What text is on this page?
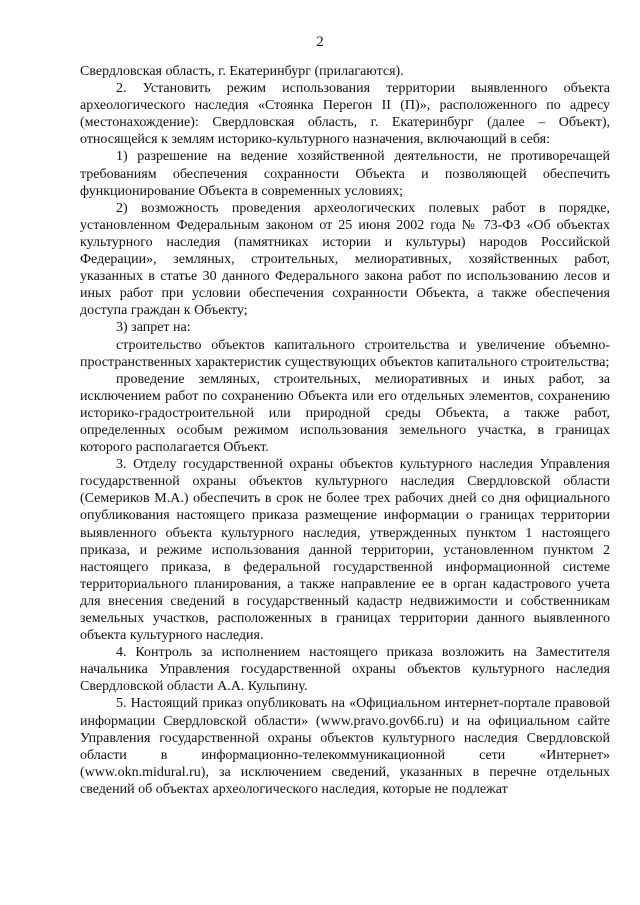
2

Свердловская область, г. Екатеринбург (прилагаются).

2. Установить режим использования территории выявленного объекта археологического наследия «Стоянка Перегон II (П)», расположенного по адресу (местонахождение): Свердловская область, г. Екатеринбург (далее – Объект), относящейся к землям историко-культурного назначения, включающий в себя:

1) разрешение на ведение хозяйственной деятельности, не противоречащей требованиям обеспечения сохранности Объекта и позволяющей обеспечить функционирование Объекта в современных условиях;

2) возможность проведения археологических полевых работ в порядке, установленном Федеральным законом от 25 июня 2002 года № 73-ФЗ «Об объектах культурного наследия (памятниках истории и культуры) народов Российской Федерации», земляных, строительных, мелиоративных, хозяйственных работ, указанных в статье 30 данного Федерального закона работ по использованию лесов и иных работ при условии обеспечения сохранности Объекта, а также обеспечения доступа граждан к Объекту;

3) запрет на:

строительство объектов капитального строительства и увеличение объемно-пространственных характеристик существующих объектов капитального строительства;

проведение земляных, строительных, мелиоративных и иных работ, за исключением работ по сохранению Объекта или его отдельных элементов, сохранению историко-градостроительной или природной среды Объекта, а также работ, определенных особым режимом использования земельного участка, в границах которого располагается Объект.

3. Отделу государственной охраны объектов культурного наследия Управления государственной охраны объектов культурного наследия Свердловской области (Семериков М.А.) обеспечить в срок не более трех рабочих дней со дня официального опубликования настоящего приказа размещение информации о границах территории выявленного объекта культурного наследия, утвержденных пунктом 1 настоящего приказа, и режиме использования данной территории, установленном пунктом 2 настоящего приказа, в федеральной государственной информационной системе территориального планирования, а также направление ее в орган кадастрового учета для внесения сведений в государственный кадастр недвижимости и собственникам земельных участков, расположенных в границах территории данного выявленного объекта культурного наследия.

4. Контроль за исполнением настоящего приказа возложить на Заместителя начальника Управления государственной охраны объектов культурного наследия Свердловской области А.А. Кульпину.

5. Настоящий приказ опубликовать на «Официальном интернет-портале правовой информации Свердловской области» (www.pravo.gov66.ru) и на официальном сайте Управления государственной охраны объектов культурного наследия Свердловской области в информационно-телекоммуникационной сети «Интернет» (www.okn.midural.ru), за исключением сведений, указанных в перечне отдельных сведений об объектах археологического наследия, которые не подлежат
